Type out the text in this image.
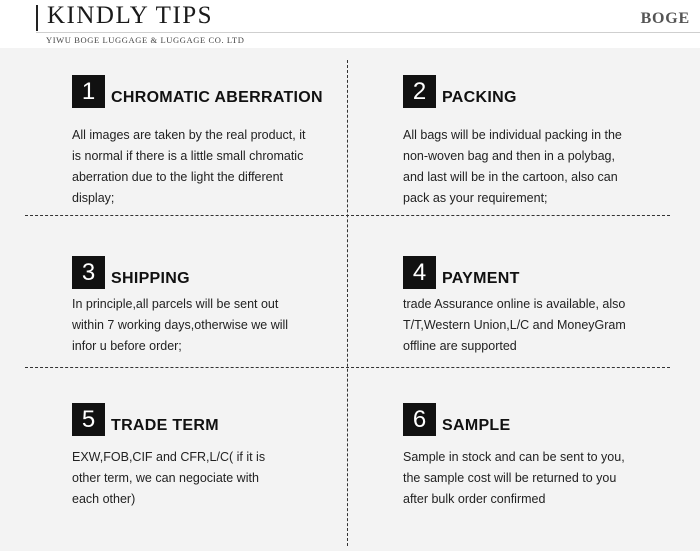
KINDLY TIPS
YIWU BOGE LUGGAGE & LUGGAGE CO. LTD
BOGE
1 CHROMATIC ABERRATION
All images are taken by the real product, it
is normal if there is a little small chromatic
aberration due to the light the different
display;
2 PACKING
All bags will be individual packing in the
non-woven bag and then in a polybag,
and last will be in the cartoon, also can
pack as your requirement;
3 SHIPPING
In principle,all parcels will be sent out
within 7 working days,otherwise we will
infor u before order;
4 PAYMENT
trade Assurance online is available, also
T/T,Western Union,L/C and MoneyGram
offline are supported
5 TRADE TERM
EXW,FOB,CIF and CFR,L/C( if it is
other term, we can negociate with
each other)
6 SAMPLE
Sample in stock and can be sent to you,
the sample cost will be returned to you
after bulk order confirmed
